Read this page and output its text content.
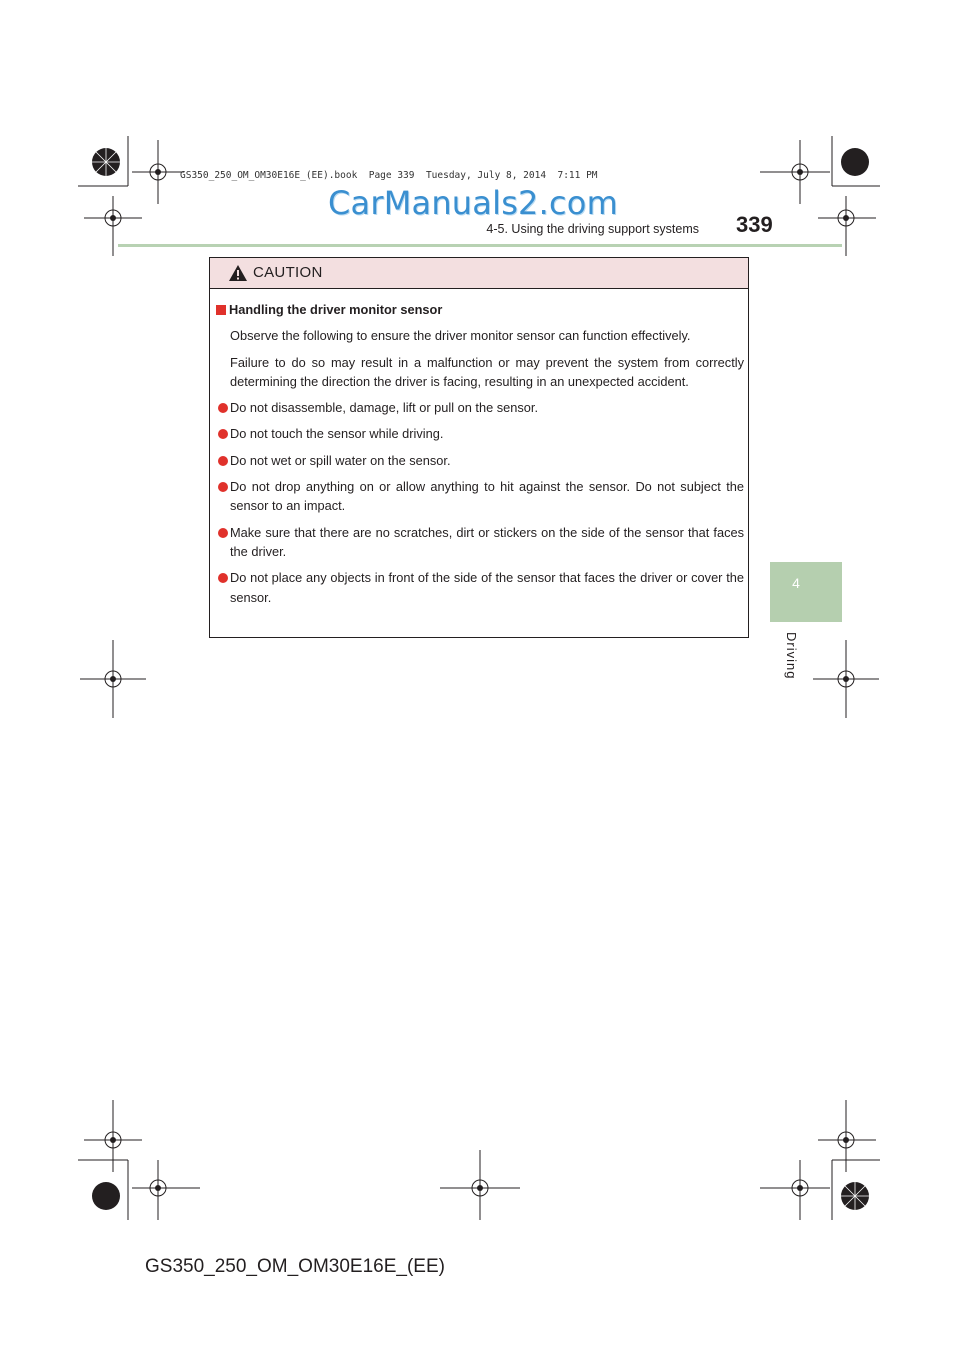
GS350_250_OM_OM30E16E_(EE).book  Page 339  Tuesday, July 8, 2014  7:11 PM
CarManuals2.com
4-5. Using the driving support systems 339
4
Driving
CAUTION
Handling the driver monitor sensor
Observe the following to ensure the driver monitor sensor can function effectively.
Failure to do so may result in a malfunction or may prevent the system from correctly determining the direction the driver is facing, resulting in an unexpected accident.
Do not disassemble, damage, lift or pull on the sensor.
Do not touch the sensor while driving.
Do not wet or spill water on the sensor.
Do not drop anything on or allow anything to hit against the sensor. Do not subject the sensor to an impact.
Make sure that there are no scratches, dirt or stickers on the side of the sensor that faces the driver.
Do not place any objects in front of the side of the sensor that faces the driver or cover the sensor.
GS350_250_OM_OM30E16E_(EE)
